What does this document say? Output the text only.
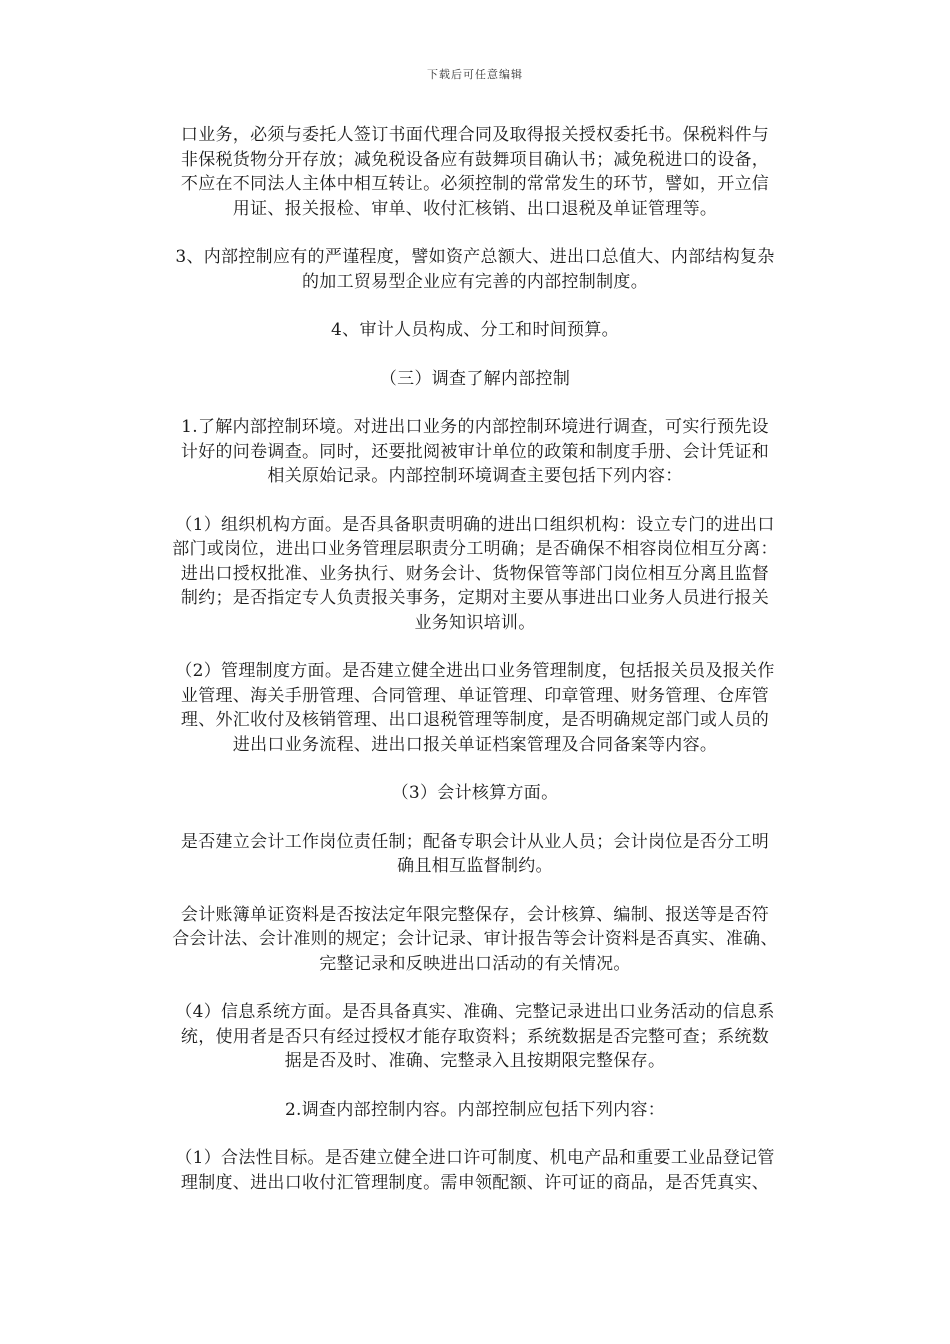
下载后可任意编辑
口业务，必须与委托人签订书面代理合同及取得报关授权委托书。保税料件与
非保税货物分开存放；减免税设备应有鼓舞项目确认书；减免税进口的设备，
不应在不同法人主体中相互转让。必须控制的常常发生的环节，譬如，开立信
用证、报关报检、审单、收付汇核销、出口退税及单证管理等。
3、内部控制应有的严谨程度，譬如资产总额大、进出口总值大、内部结构复杂
的加工贸易型企业应有完善的内部控制制度。
4、审计人员构成、分工和时间预算。
（三）调查了解内部控制
1.了解内部控制环境。对进出口业务的内部控制环境进行调查，可实行预先设
计好的问卷调查。同时，还要批阅被审计单位的政策和制度手册、会计凭证和
相关原始记录。内部控制环境调查主要包括下列内容：
（1）组织机构方面。是否具备职责明确的进出口组织机构：设立专门的进出口
部门或岗位，进出口业务管理层职责分工明确；是否确保不相容岗位相互分离：
进出口授权批准、业务执行、财务会计、货物保管等部门岗位相互分离且监督
制约；是否指定专人负责报关事务，定期对主要从事进出口业务人员进行报关
业务知识培训。
（2）管理制度方面。是否建立健全进出口业务管理制度，包括报关员及报关作
业管理、海关手册管理、合同管理、单证管理、印章管理、财务管理、仓库管
理、外汇收付及核销管理、出口退税管理等制度，是否明确规定部门或人员的
进出口业务流程、进出口报关单证档案管理及合同备案等内容。
（3）会计核算方面。
是否建立会计工作岗位责任制；配备专职会计从业人员；会计岗位是否分工明
确且相互监督制约。
会计账簿单证资料是否按法定年限完整保存，会计核算、编制、报送等是否符
合会计法、会计准则的规定；会计记录、审计报告等会计资料是否真实、准确、
完整记录和反映进出口活动的有关情况。
（4）信息系统方面。是否具备真实、准确、完整记录进出口业务活动的信息系
统，使用者是否只有经过授权才能存取资料；系统数据是否完整可查；系统数
据是否及时、准确、完整录入且按期限完整保存。
2.调查内部控制内容。内部控制应包括下列内容：
（1）合法性目标。是否建立健全进口许可制度、机电产品和重要工业品登记管
理制度、进出口收付汇管理制度。需申领配额、许可证的商品，是否凭真实、
